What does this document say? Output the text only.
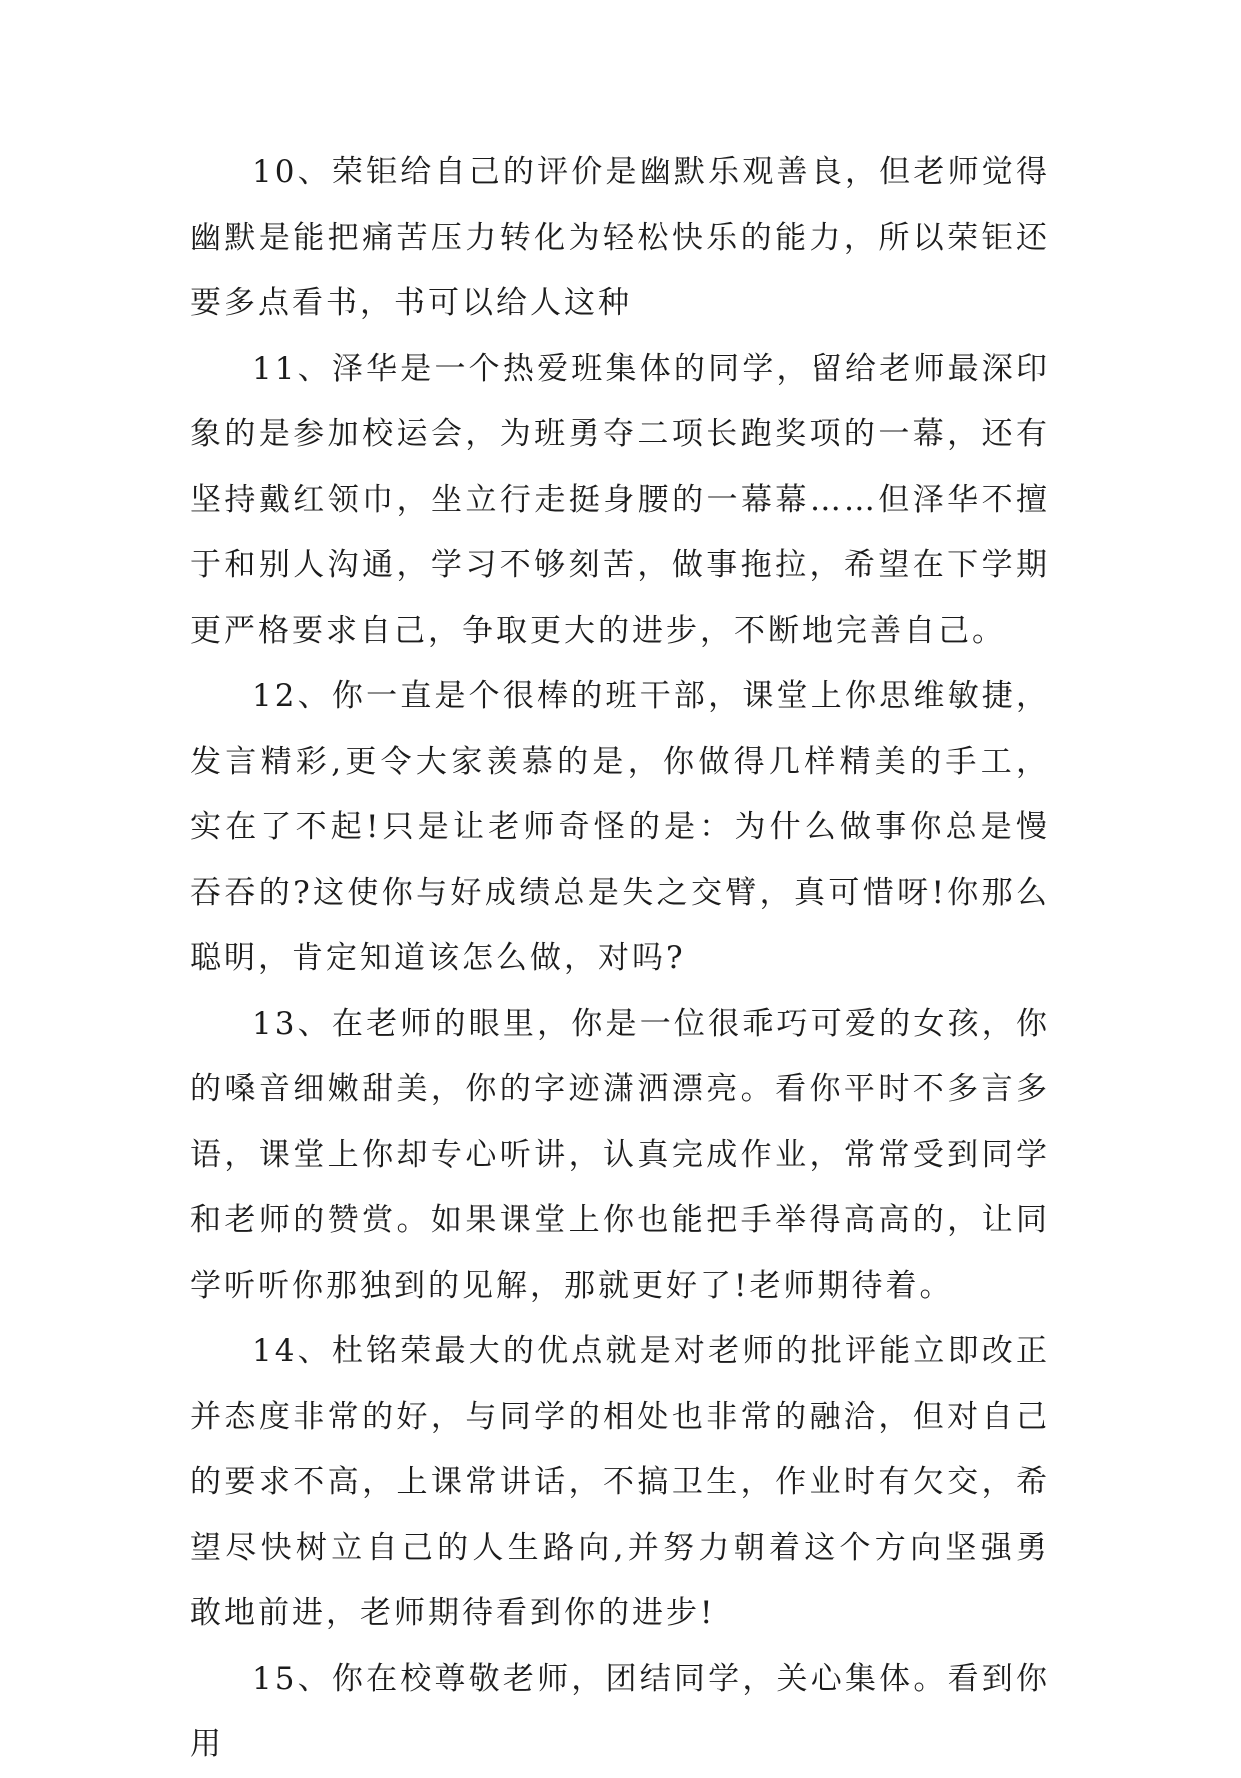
10、荣钜给自己的评价是幽默乐观善良，但老师觉得幽默是能把痛苦压力转化为轻松快乐的能力，所以荣钜还要多点看书，书可以给人这种

11、泽华是一个热爱班集体的同学，留给老师最深印象的是参加校运会，为班勇夺二项长跑奖项的一幕，还有坚持戴红领巾，坐立行走挺身腰的一幕幕……但泽华不擅于和别人沟通，学习不够刻苦，做事拖拉，希望在下学期更严格要求自己，争取更大的进步，不断地完善自己。

12、你一直是个很棒的班干部，课堂上你思维敏捷，发言精彩,更令大家羡慕的是，你做得几样精美的手工，实在了不起!只是让老师奇怪的是：为什么做事你总是慢吞吞的?这使你与好成绩总是失之交臂，真可惜呀!你那么聪明，肯定知道该怎么做，对吗?

13、在老师的眼里，你是一位很乖巧可爱的女孩，你的嗓音细嫩甜美，你的字迹潇洒漂亮。看你平时不多言多语，课堂上你却专心听讲，认真完成作业，常常受到同学和老师的赞赏。如果课堂上你也能把手举得高高的，让同学听听你那独到的见解，那就更好了!老师期待着。

14、杜铭荣最大的优点就是对老师的批评能立即改正并态度非常的好，与同学的相处也非常的融洽，但对自己的要求不高，上课常讲话，不搞卫生，作业时有欠交，希望尽快树立自己的人生路向,并努力朝着这个方向坚强勇敢地前进，老师期待看到你的进步!

15、你在校尊敬老师，团结同学，关心集体。看到你用
